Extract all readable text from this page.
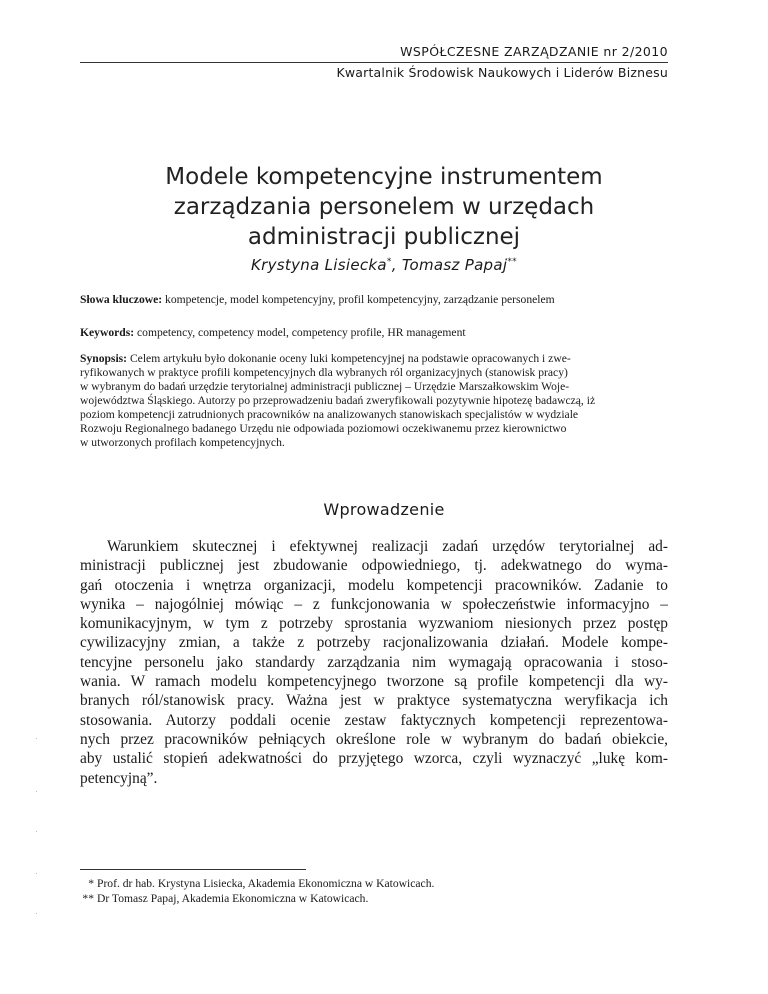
WSPÓŁCZESNE ZARZĄDZANIE nr 2/2010
Kwartalnik Środowisk Naukowych i Liderów Biznesu
Modele kompetencyjne instrumentem
zarządzania personelem w urzędach
administracji publicznej
Krystyna Lisiecka*, Tomasz Papaj**
Słowa kluczowe: kompetencje, model kompetencyjny, profil kompetencyjny, zarządzanie personelem
Keywords: competency, competency model, competency profile, HR management
Synopsis: Celem artykułu było dokonanie oceny luki kompetencyjnej na podstawie opracowanych i zwe-
ryfikowanych w praktyce profili kompetencyjnych dla wybranych ról organizacyjnych (stanowisk pracy)
w wybranym do badań urzędzie terytorialnej administracji publicznej – Urzędzie Marszałkowskim Woje-
województwa Śląskiego. Autorzy po przeprowadzeniu badań zweryfikowali pozytywnie hipotezę badawczą, iż
poziom kompetencji zatrudnionych pracowników na analizowanych stanowiskach specjalistów w wydziale
Rozwoju Regionalnego badanego Urzędu nie odpowiada poziomowi oczekiwanemu przez kierownictwo
w utworzonych profilach kompetencyjnych.
Wprowadzenie
Warunkiem skutecznej i efektywnej realizacji zadań urzędów terytorialnej ad-
ministracji publicznej jest zbudowanie odpowiedniego, tj. adekwatnego do wyma-
gań otoczenia i wnętrza organizacji, modelu kompetencji pracowników. Zadanie to
wynika – najogólniej mówiąc – z funkcjonowania w społeczeństwie informacyjno –
komunikacyjnym, w tym z potrzeby sprostania wyzwaniom niesionych przez postęp
cywilizacyjny zmian, a także z potrzeby racjonalizowania działań. Modele kompe-
tencyjne personelu jako standardy zarządzania nim wymagają opracowania i stoso-
wania. W ramach modelu kompetencyjnego tworzone są profile kompetencji dla wy-
branych ról/stanowisk pracy. Ważna jest w praktyce systematyczna weryfikacja ich
stosowania. Autorzy poddali ocenie zestaw faktycznych kompetencji reprezentowa-
nych przez pracowników pełniących określone role w wybranym do badań obiekcie,
aby ustalić stopień adekwatności do przyjętego wzorca, czyli wyznaczyć „lukę kom-
petencyjną”.
* Prof. dr hab. Krystyna Lisiecka, Akademia Ekonomiczna w Katowicach.
** Dr Tomasz Papaj, Akademia Ekonomiczna w Katowicach.
